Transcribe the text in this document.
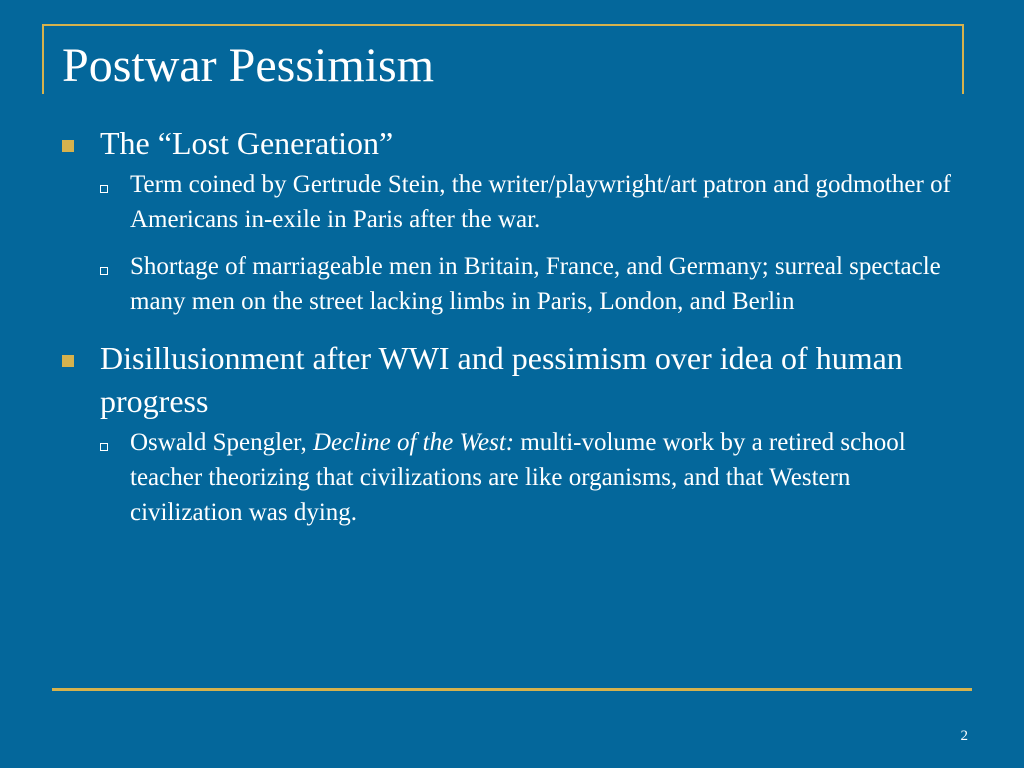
Postwar Pessimism
The “Lost Generation”
Term coined by Gertrude Stein, the writer/playwright/art patron and godmother of Americans in-exile in Paris after the war.
Shortage of marriageable men in Britain, France, and Germany; surreal spectacle many men on the street lacking limbs in Paris, London, and Berlin
Disillusionment after WWI and pessimism over idea of human progress
Oswald Spengler, Decline of the West: multi-volume work by a retired school teacher theorizing that civilizations are like organisms, and that Western civilization was dying.
2
